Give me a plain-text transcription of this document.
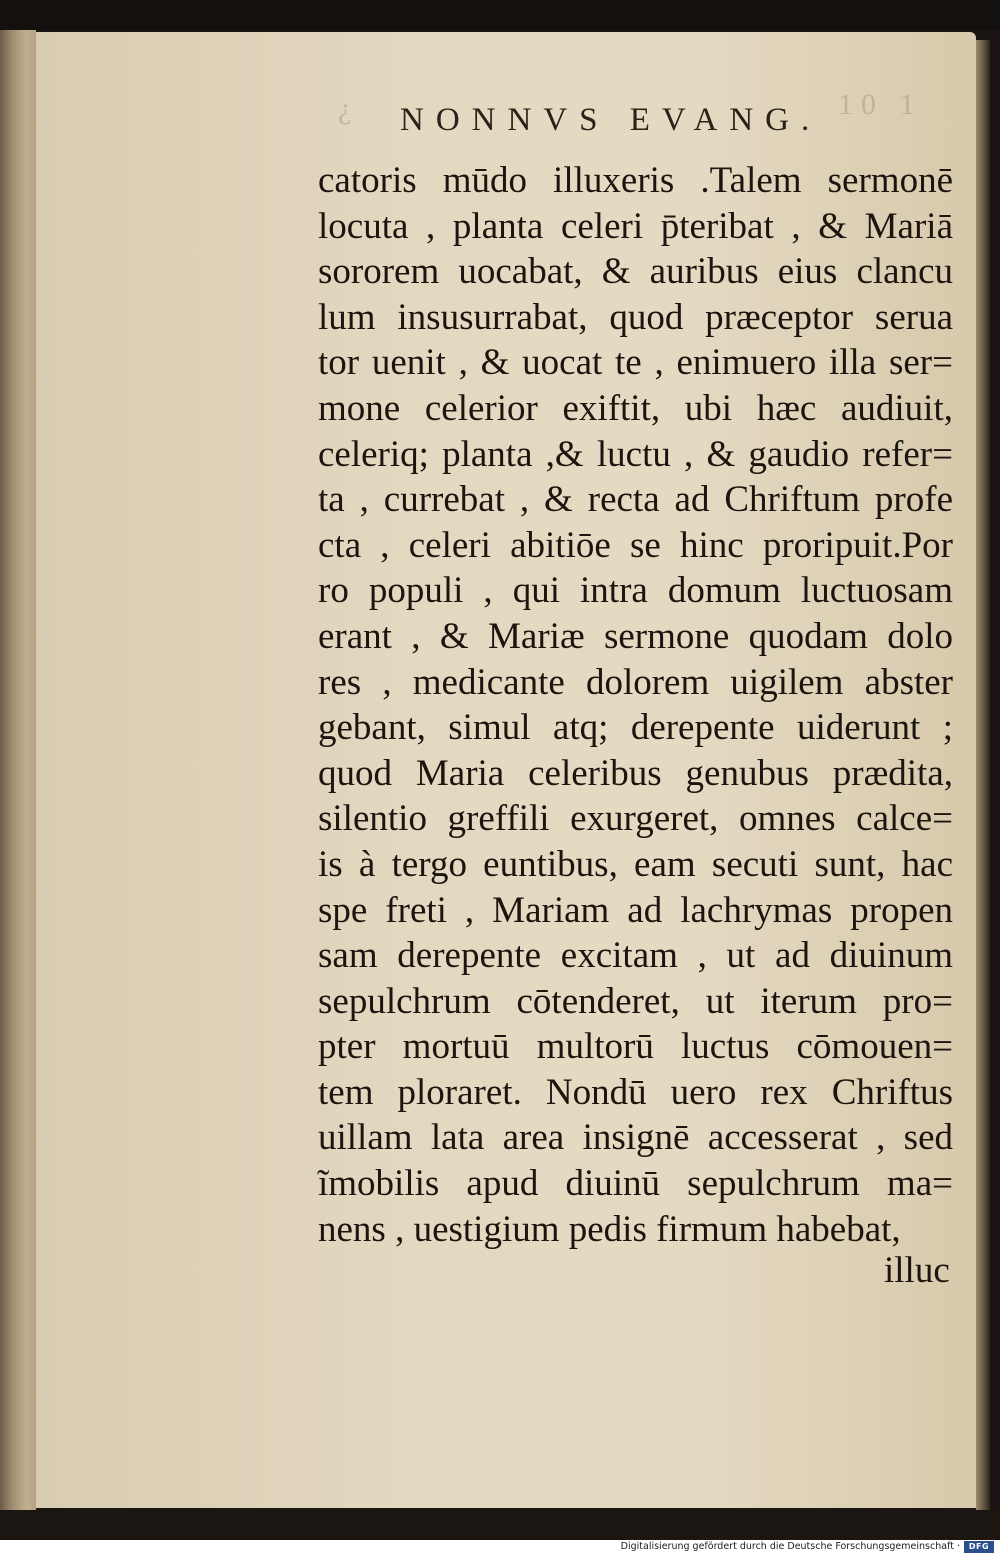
¿	10 1
NONNVS EVANG.
catoris mūdo illuxeris .Talem sermonē
locuta , planta celeri p̄teribat , & Mariā
sororem uocabat, & auribus eius clancu
lum insusurrabat, quod præceptor serua
tor uenit , & uocat te , enimuero illa ser=
mone celerior exiftit, ubi hæc audiuit,
celeriq; planta ,& luctu , & gaudio refer=
ta , currebat , & recta ad Chriftum profe
cta , celeri abitiōe se hinc proripuit.Por
ro populi , qui intra domum luctuosam
erant , & Mariæ sermone quodam dolo
res , medicante dolorem uigilem abster
gebant, simul atq; derepente uiderunt ;
quod Maria celeribus genubus prædita,
silentio greffili exurgeret, omnes calce=
is à tergo euntibus, eam secuti sunt, hac
spe freti , Mariam ad lachrymas propen
sam derepente excitam , ut ad diuinum
sepulchrum cōtenderet, ut iterum pro=
pter mortuū multorū luctus cōmouen=
tem ploraret. Nondū uero rex Chriftus
uillam lata area insignē accesserat , sed
ĩmobilis apud diuinū sepulchrum ma=
nens , uestigium pedis firmum habebat,
illuc
Digitalisierung gefördert durch die Deutsche Forschungsgemeinschaft ·	DFG
